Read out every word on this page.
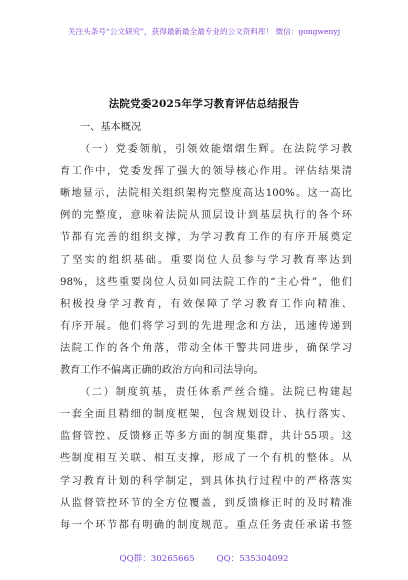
关注头条号“公文研究”，获得最新最全最专业的公文资料库！ 微信：gongwenyj
法院党委2025年学习教育评估总结报告
一、基本概况
（一）党委领航，引领效能熠熠生辉。在法院学习教
育工作中，党委发挥了强大的领导核心作用。评估结果清
晰地显示，法院相关组织架构完整度高达100%。这一高比
例的完整度，意味着法院从顶层设计到基层执行的各个环
节都有完善的组织支撑，为学习教育工作的有序开展奠定
了坚实的组织基础。重要岗位人员参与学习教育率达到
98%，这些重要岗位人员如同法院工作的“主心骨”，他们
积极投身学习教育，有效保障了学习教育工作向精准、
有序开展。他们将学习到的先进理念和方法，迅速传递到
法院工作的各个角落，带动全体干警共同进步，确保学习
教育工作不偏离正确的政治方向和司法导向。
（二）制度筑基，责任体系严丝合缝。法院已构建起
一套全面且精细的制度框架，包含规划设计、执行落实、
监督管控、反馈修正等多方面的制度集群，共计55项。这
些制度相互关联、相互支撑，形成了一个有机的整体。从
学习教育计划的科学制定，到具体执行过程中的严格落实
从监督管控环节的全方位覆盖，到反馈修正时的及时精准
每一个环节都有明确的制度规范。重点任务责任承诺书签
QQ群：30265665	QQ：535304092
